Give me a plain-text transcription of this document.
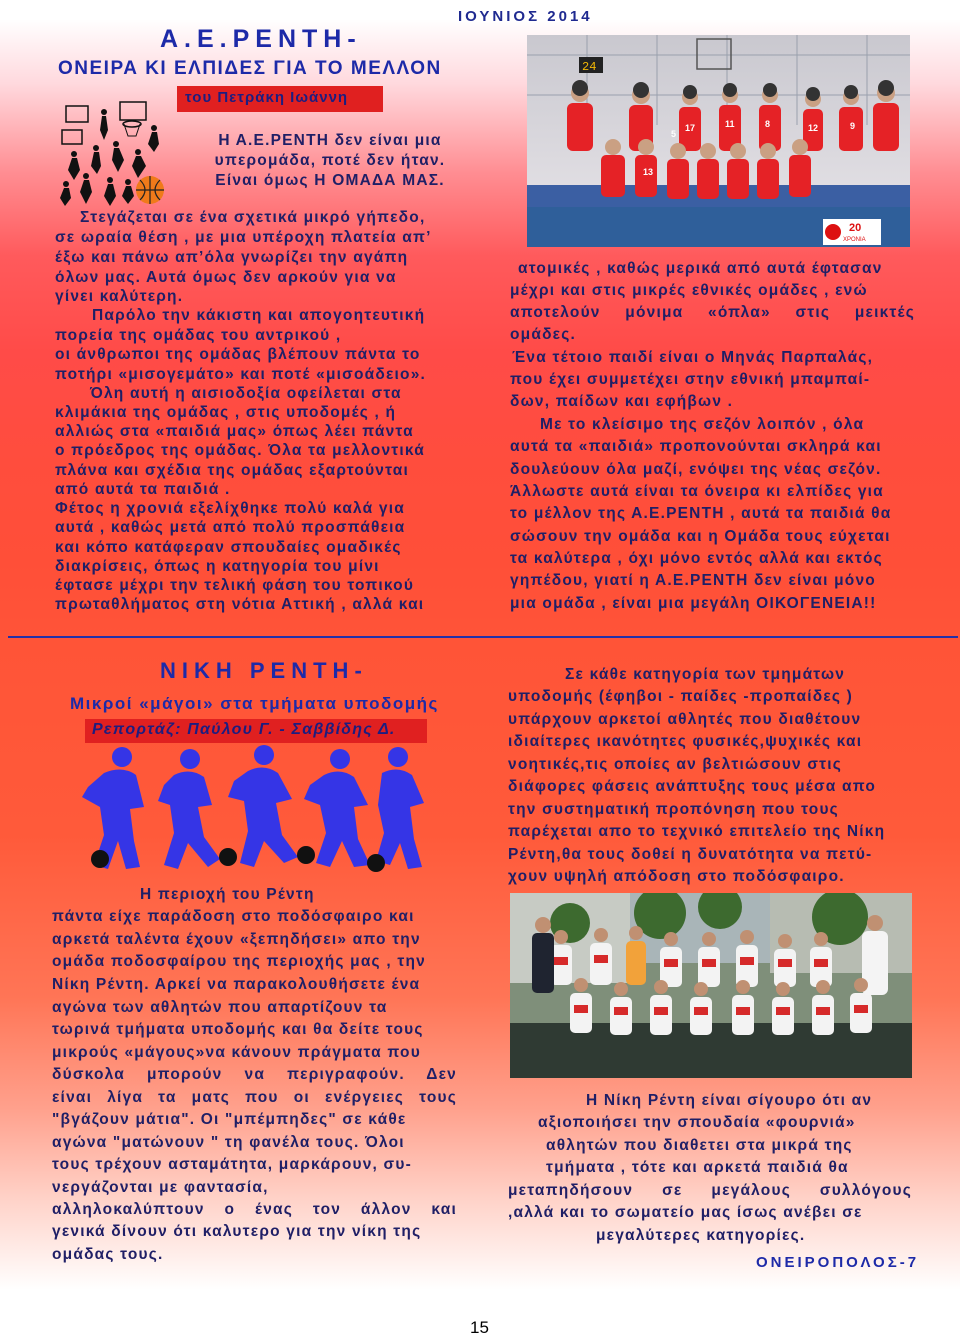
ΙΟΥΝΙΟΣ 2014
Α.Ε.ΡΕΝΤΗ-
ΟΝΕΙΡΑ ΚΙ ΕΛΠΙΔΕΣ ΓΙΑ ΤΟ ΜΕΛΛΟΝ
του Πετράκη Ιωάννη
Η Α.Ε.ΡΕΝΤΗ δεν είναι μια
υπερομάδα, ποτέ δεν ήταν.
Είναι όμως Η ΟΜΑΔΑ ΜΑΣ.
Στεγάζεται σε ένα σχετικά μικρό γήπεδο,
σε ωραία θέση , με μια υπέροχη πλατεία απ’
έξω και πάνω απ’όλα γνωρίζει την αγάπη
όλων μας. Αυτά όμως δεν αρκούν για να
γίνει καλύτερη.
Παρόλο την κάκιστη και απογοητευτική
πορεία της ομάδας του αντρικού ,
οι άνθρωποι της ομάδας βλέπουν πάντα το
ποτήρι «μισογεμάτο» και ποτέ «μισοάδειο».
Όλη αυτή η αισιοδοξία οφείλεται στα
κλιμάκια της ομάδας , στις υποδομές , ή
αλλιώς στα «παιδιά μας» όπως λέει πάντα
ο πρόεδρος της ομάδας. Όλα τα μελλοντικά
πλάνα και σχέδια της ομάδας εξαρτούνται
από αυτά τα παιδιά .
Φέτος η χρονιά εξελίχθηκε πολύ καλά για
αυτά , καθώς μετά από πολύ προσπάθεια
και κόπο κατάφεραν σπουδαίες ομαδικές
διακρίσεις, όπως η κατηγορία του μίνι
έφτασε μέχρι την τελική φάση του τοπικού
πρωταθλήματος στη νότια Αττική , αλλά και
24
5
17	11	8	12	9
13
20
ΧΡΟΝΙΑ
ατομικές , καθώς μερικά από αυτά έφτασαν
μέχρι και στις μικρές εθνικές ομάδες , ενώ
αποτελούν μόνιμα «όπλα» στις μεικτές
ομάδες.
Ένα τέτοιο παιδί είναι ο Μηνάς Παρπαλάς,
που έχει συμμετέχει στην εθνική μπαμπαί-
δων, παίδων και εφήβων .
Με το κλείσιμο της σεζόν λοιπόν , όλα
αυτά τα «παιδιά» προπονούνται σκληρά και
δουλεύουν όλα μαζί, ενόψει της νέας σεζόν.
Άλλωστε αυτά είναι τα όνειρα κι ελπίδες για
το μέλλον της Α.Ε.ΡΕΝΤΗ , αυτά τα παιδιά θα
σώσουν την ομάδα και η Ομάδα τους εύχεται
τα καλύτερα , όχι μόνο εντός αλλά και εκτός
γηπέδου, γιατί η Α.Ε.ΡΕΝΤΗ δεν είναι μόνο
μια ομάδα , είναι μια μεγάλη ΟΙΚΟΓΕΝΕΙΑ!!
ΝΙΚΗ ΡΕΝΤΗ-
Μικροί «μάγοι» στα τμήματα υποδομής
Ρεπορτάζ: Παύλου Γ. - Σαββίδης Δ.
Η περιοχή του Ρέντη
πάντα είχε παράδοση στο ποδόσφαιρο και
αρκετά ταλέντα έχουν «ξεπηδήσει» απο την
ομάδα ποδοσφαίρου της περιοχής μας , την
Νίκη Ρέντη. Αρκεί να παρακολουθήσετε ένα
αγώνα των αθλητών που απαρτίζουν τα
τωρινά τμήματα υποδομής και θα δείτε τους
μικρούς «μάγους»να κάνουν πράγματα που
δύσκολα μπορούν να περιγραφούν. Δεν
είναι λίγα τα ματς που οι ενέργειες τους
"βγάζουν μάτια". Οι "μπέμπηδες" σε κάθε
αγώνα "ματώνουν " τη φανέλα τους. Όλοι
τους τρέχουν ασταμάτητα, μαρκάρουν, συ-
νεργάζονται με φαντασία,
αλληλοκαλύπτουν ο ένας τον άλλον και
γενικά δίνουν ότι καλυτερο για την νίκη της
ομάδας τους.
Σε κάθε κατηγορία των τμημάτων
υποδομής (έφηβοι - παίδες -προπαίδες )
υπάρχουν αρκετοί αθλητές που διαθέτουν
ιδιαίτερες ικανότητες φυσικές,ψυχικές και
νοητικές,τις οποίες αν βελτιώσουν στις
διάφορες φάσεις ανάπτυξης τους μέσα απο
την συστηματική προπόνηση που τους
παρέχεται απο το τεχνικό επιτελείο της Νίκη
Ρέντη,θα τους δοθεί η δυνατότητα να πετύ-
χουν υψηλή απόδοση στο ποδόσφαιρο.
Η Νίκη Ρέντη είναι σίγουρο ότι αν
αξιοποιήσει την σπουδαία «φουρνιά»
αθλητών που διαθετει στα μικρά της
τμήματα , τότε και αρκετά παιδιά θα
μεταπηδήσουν σε μεγάλους συλλόγους
,αλλά και το σωματείο μας ίσως ανέβει σε
μεγαλύτερες κατηγορίες.
ΟΝΕΙΡΟΠΟΛΟΣ-7
15
